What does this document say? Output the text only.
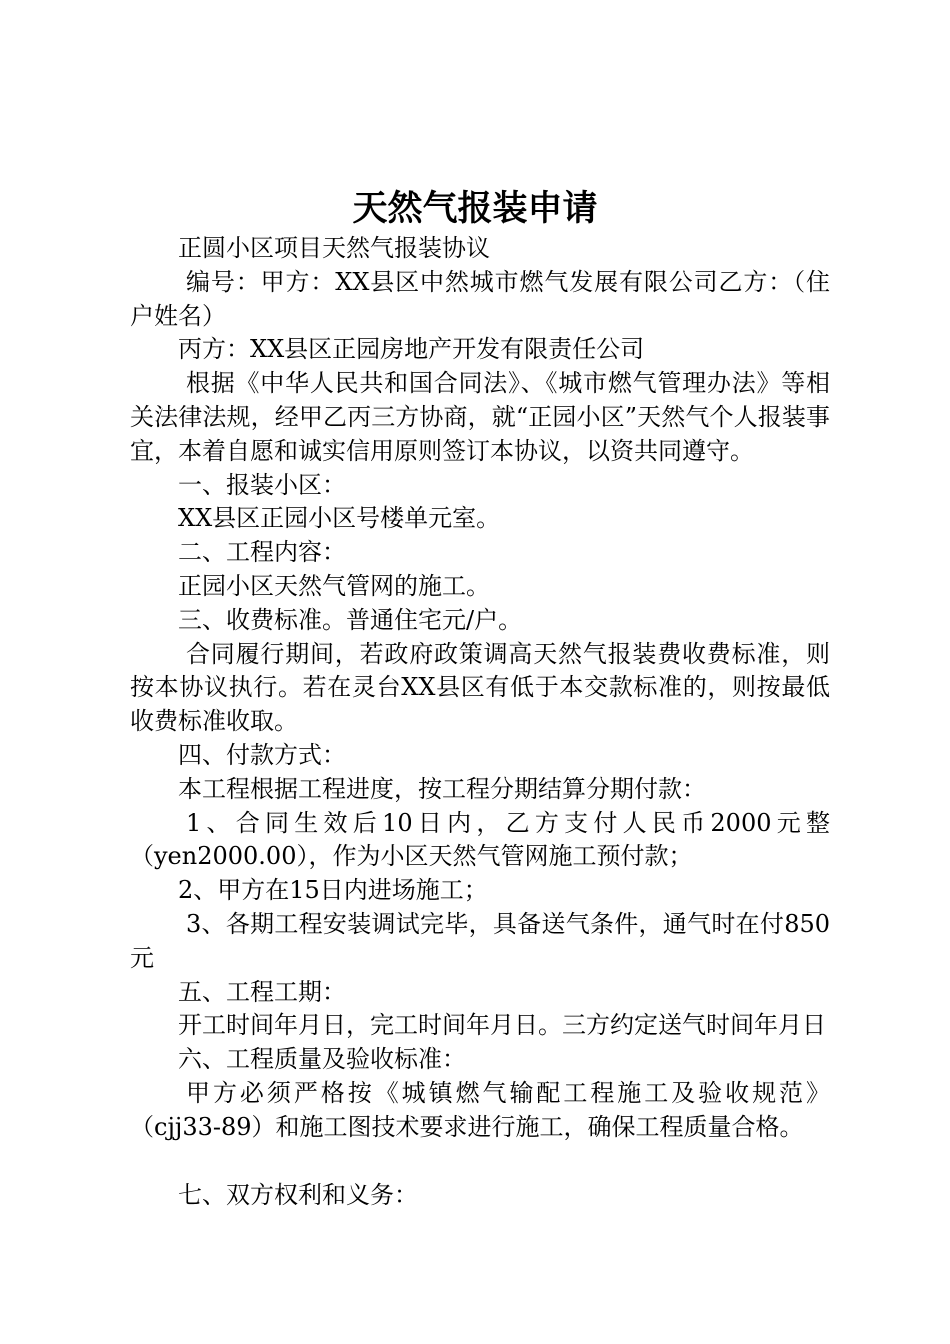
天然气报装申请

正圆小区项目天然气报装协议

编号：甲方：XX县区中然城市燃气发展有限公司乙方：（住户姓名）

丙方：XX县区正园房地产开发有限责任公司

根据《中华人民共和国合同法》、《城市燃气管理办法》等相关法律法规，经甲乙丙三方协商，就“正园小区”天然气个人报装事宜，本着自愿和诚实信用原则签订本协议，以资共同遵守。

一、报装小区：

XX县区正园小区号楼单元室。

二、工程内容：

正园小区天然气管网的施工。

三、收费标准。普通住宅元/户。

合同履行期间，若政府政策调高天然气报装费收费标准，则按本协议执行。若在灵台XX县区有低于本交款标准的，则按最低收费标准收取。

四、付款方式：

本工程根据工程进度，按工程分期结算分期付款：

1、合同生效后10日内，乙方支付人民币2000元整（yen2000.00），作为小区天然气管网施工预付款；

2、甲方在15日内进场施工；

3、各期工程安装调试完毕，具备送气条件，通气时在付850元

五、工程工期：

开工时间年月日，完工时间年月日。三方约定送气时间年月日

六、工程质量及验收标准：

甲方必须严格按《城镇燃气输配工程施工及验收规范》（cjj33-89）和施工图技术要求进行施工，确保工程质量合格。

七、双方权利和义务：
